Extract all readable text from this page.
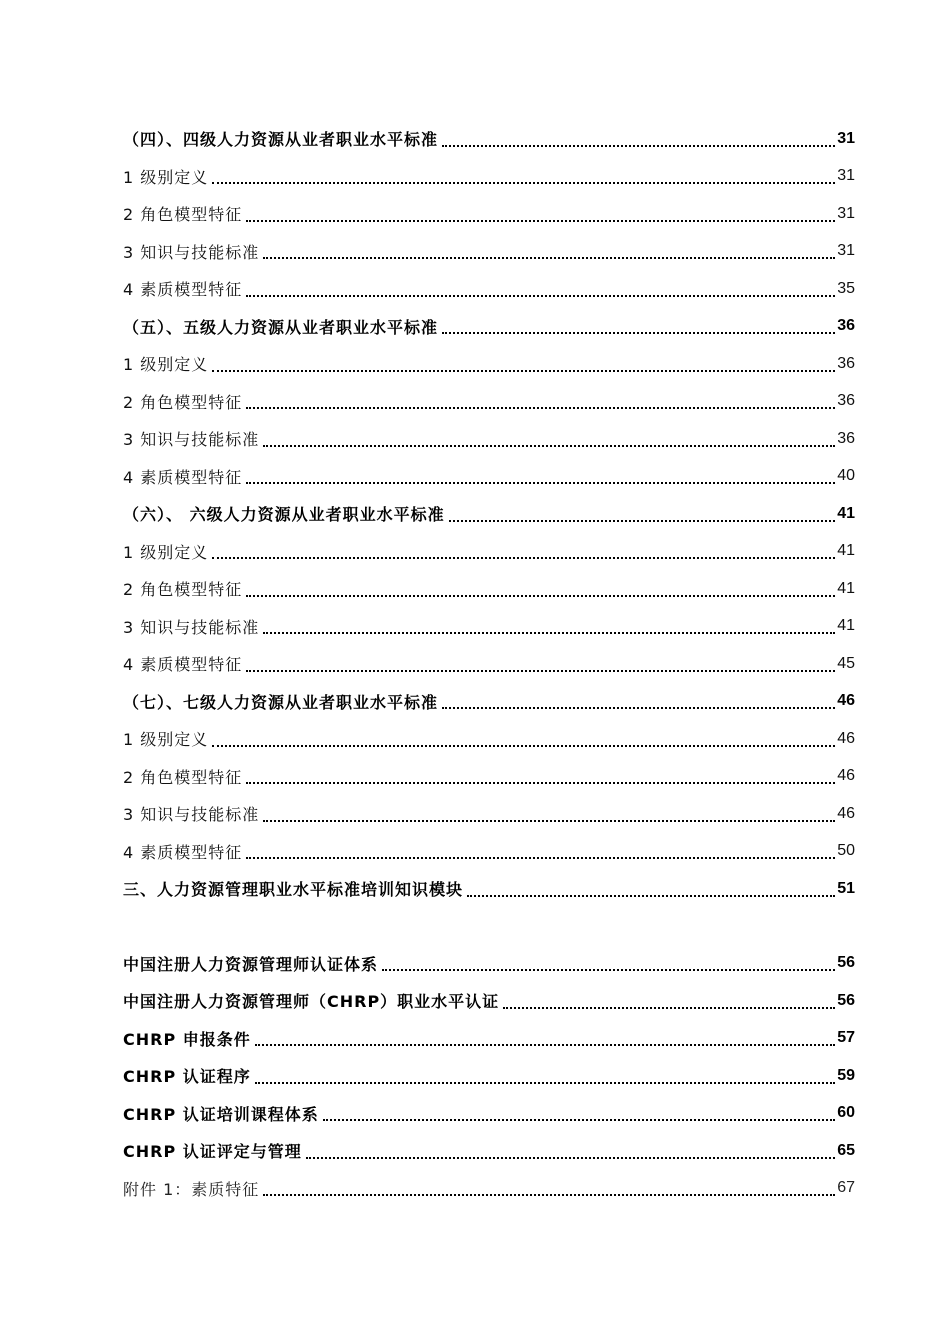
（四）、四级人力资源从业者职业水平标准	31
1 级别定义	31
2 角色模型特征	31
3 知识与技能标准	31
4 素质模型特征	35
（五）、五级人力资源从业者职业水平标准	36
1 级别定义	36
2 角色模型特征	36
3 知识与技能标准	36
4 素质模型特征	40
（六）、 六级人力资源从业者职业水平标准	41
1 级别定义	41
2 角色模型特征	41
3 知识与技能标准	41
4 素质模型特征	45
（七）、七级人力资源从业者职业水平标准	46
1 级别定义	46
2 角色模型特征	46
3 知识与技能标准	46
4 素质模型特征	50
三、人力资源管理职业水平标准培训知识模块	51
中国注册人力资源管理师认证体系	56
中国注册人力资源管理师（CHRP）职业水平认证	56
CHRP 申报条件	57
CHRP 认证程序	59
CHRP 认证培训课程体系	60
CHRP 认证评定与管理	65
附件 1：素质特征	67
